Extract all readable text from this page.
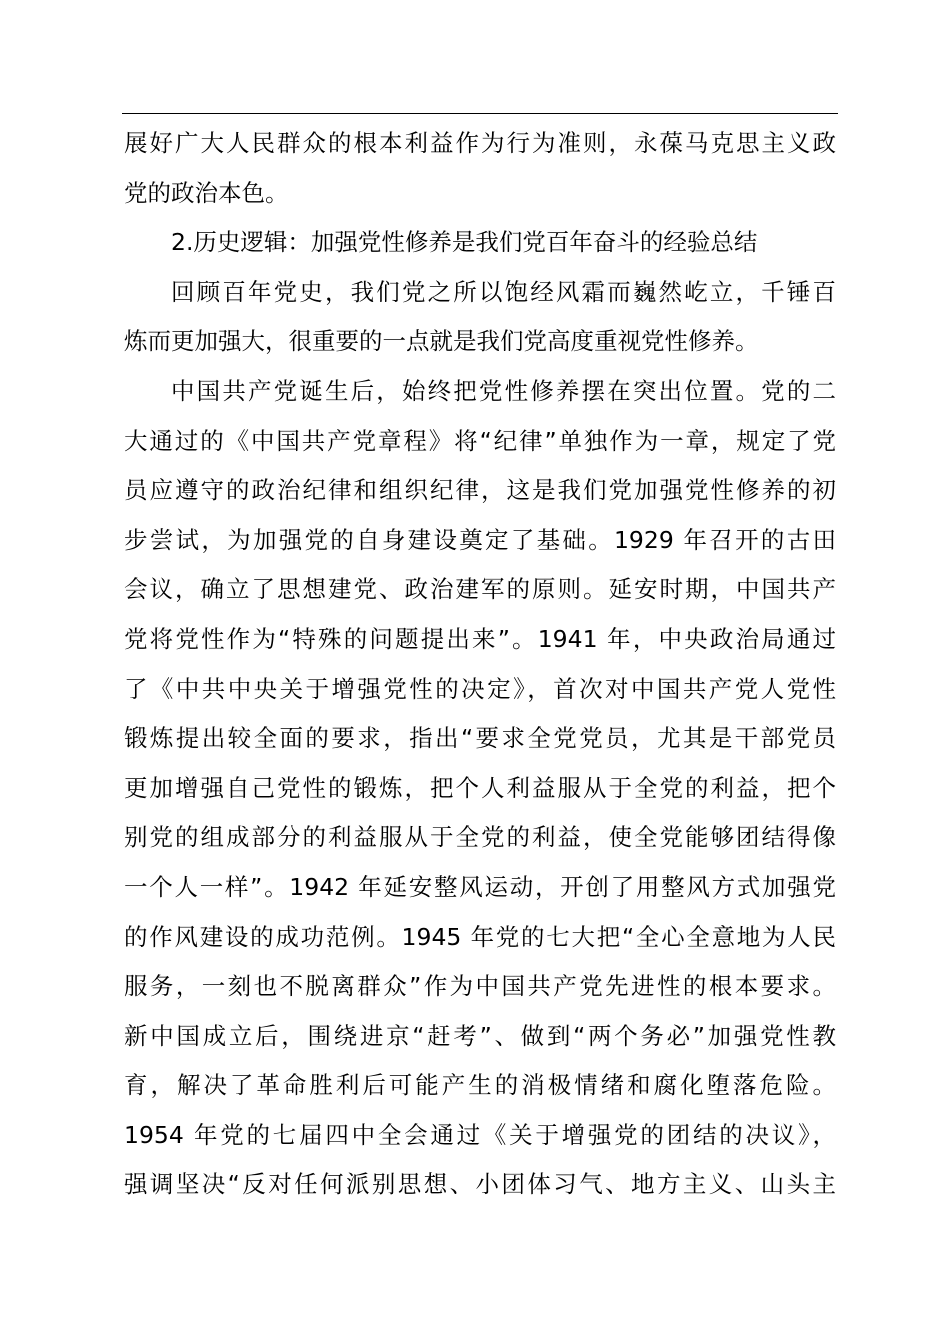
展好广大人民群众的根本利益作为行为准则，永葆马克思主义政
党的政治本色。
2.历史逻辑：加强党性修养是我们党百年奋斗的经验总结
回顾百年党史，我们党之所以饱经风霜而巍然屹立，千锤百
炼而更加强大，很重要的一点就是我们党高度重视党性修养。
中国共产党诞生后，始终把党性修养摆在突出位置。党的二
大通过的《中国共产党章程》将“纪律”单独作为一章，规定了党
员应遵守的政治纪律和组织纪律，这是我们党加强党性修养的初
步尝试，为加强党的自身建设奠定了基础。1929 年召开的古田
会议，确立了思想建党、政治建军的原则。延安时期，中国共产
党将党性作为“特殊的问题提出来”。1941 年，中央政治局通过
了《中共中央关于增强党性的决定》，首次对中国共产党人党性
锻炼提出较全面的要求，指出“要求全党党员，尤其是干部党员
更加增强自己党性的锻炼，把个人利益服从于全党的利益，把个
别党的组成部分的利益服从于全党的利益，使全党能够团结得像
一个人一样”。1942 年延安整风运动，开创了用整风方式加强党
的作风建设的成功范例。1945 年党的七大把“全心全意地为人民
服务，一刻也不脱离群众”作为中国共产党先进性的根本要求。
新中国成立后，围绕进京“赶考”、做到“两个务必”加强党性教
育，解决了革命胜利后可能产生的消极情绪和腐化堕落危险。
1954 年党的七届四中全会通过《关于增强党的团结的决议》，
强调坚决“反对任何派别思想、小团体习气、地方主义、山头主
